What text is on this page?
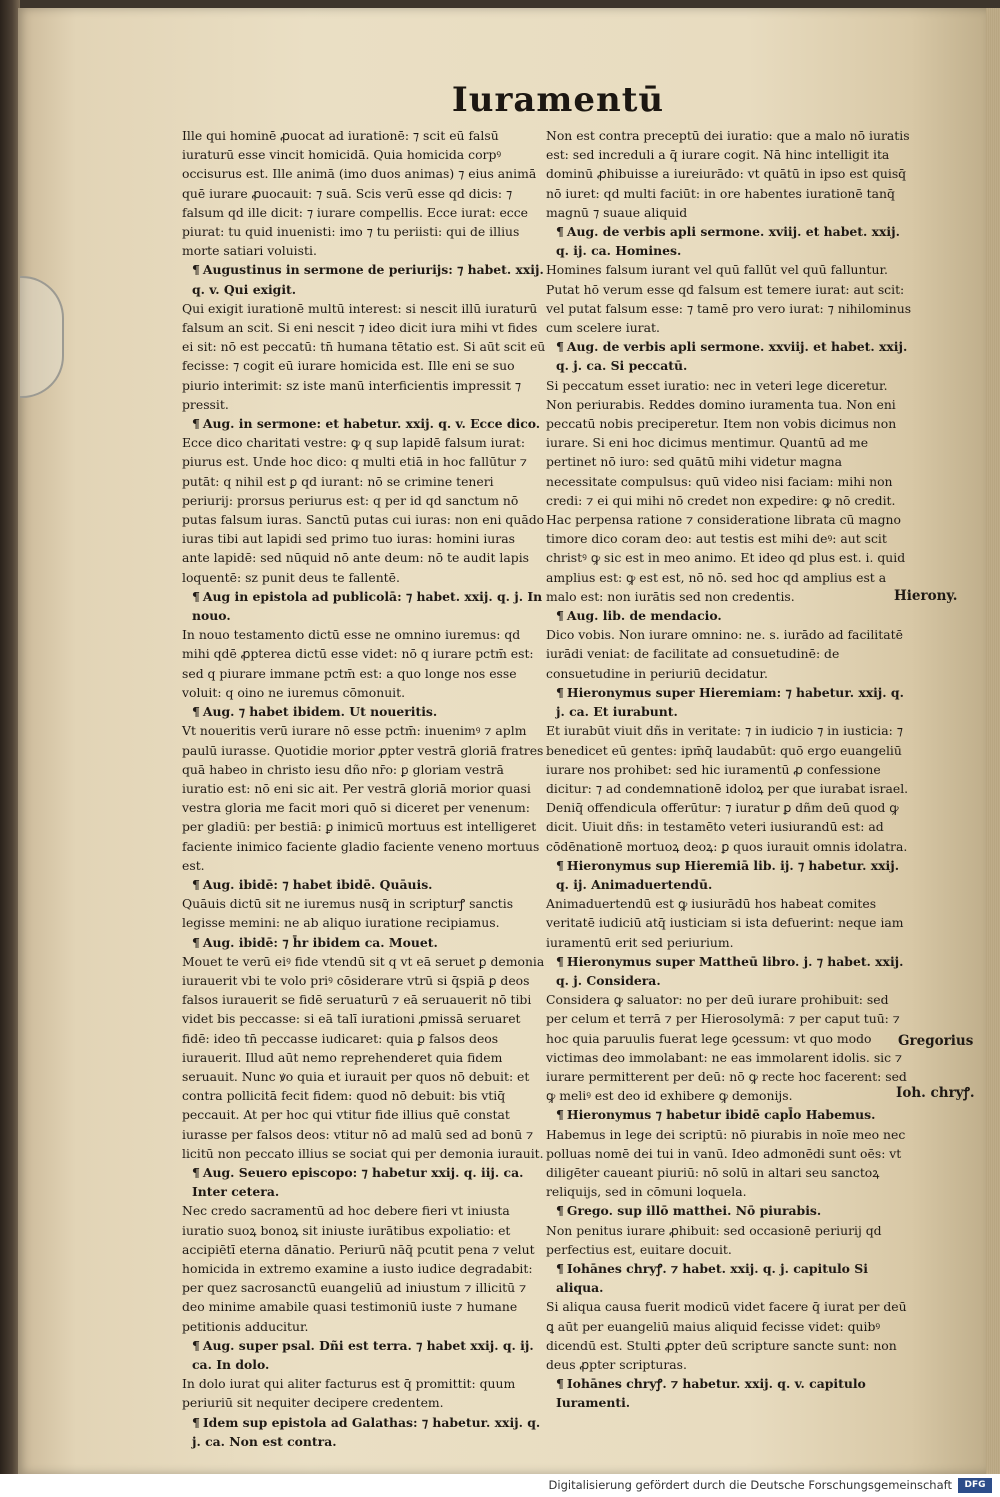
Iuramentū

Ille qui hominē ꝓuocat ad iurationē: ⁊ scit eū falsū iuraturū esse vincit homicidā. Quia homicida corpꝰ occisurus est. Ille animā (imo duos animas) ⁊ eius animā quē iurare ꝓuocauit: ⁊ suā. Scis verū esse qd dicis: ⁊ falsum qd ille dicit: ⁊ iurare compellis. Ecce iurat: ecce piurat: tu quid inuenisti: imo ⁊ tu periisti: qui de illius morte satiari voluisti.

¶ Augustinus in sermone de periurijs: ⁊ habet. xxij. q. v. Qui exigit.

Qui exigit iurationē multū interest: si nescit illū iuraturū falsum an scit. Si eni nescit ⁊ ideo dicit iura mihi vt fides ei sit: nō est peccatū: tn̄ humana tētatio est. Si aūt scit eū fecisse: ⁊ cogit eū iurare homicida est. Ille eni se suo piurio interimit: sz iste manū interficientis impressit ⁊ pressit.

¶ Aug. in sermone: et habetur. xxij. q. v. Ecce dico.

Ecce dico charitati vestre: ꝙ q sup lapidē falsum iurat: piurus est. Unde hoc dico: q multi etiā in hoc fallūtur ⁊ putāt: q nihil est ꝑ qd iurant: nō se crimine teneri periurij: prorsus periurus est: q per id qd sanctum nō putas falsum iuras. Sanctū putas cui iuras: non eni quādo iuras tibi aut lapidi sed primo tuo iuras: homini iuras ante lapidē: sed nūquid nō ante deum: nō te audit lapis loquentē: sz punit deus te fallentē.

¶ Aug in epistola ad publicolā: ⁊ habet. xxij. q. j. In nouo.

In nouo testamento dictū esse ne omnino iuremus: qd mihi qdē ꝓpterea dictū esse videt: nō q iurare pctm̄ est: sed q piurare immane pctm̄ est: a quo longe nos esse voluit: q oino ne iuremus cōmonuit.

¶ Aug. ⁊ habet ibidem. Ut noueritis.

Vt noueritis verū iurare nō esse pctm̄: inuenimꝰ ⁊ aplm paulū iurasse. Quotidie morior ꝓpter vestrā gloriā fratres quā habeo in christo iesu dño nr̄o: ꝑ gloriam vestrā iuratio est: nō eni sic ait. Per vestrā gloriā morior quasi vestra gloria me facit mori quō si diceret per venenum: per gladiū: per bestiā: ꝑ inimicū mortuus est intelligeret faciente inimico faciente gladio faciente veneno mortuus est.

¶ Aug. ibidē: ⁊ habet ibidē. Quāuis.

Quāuis dictū sit ne iuremus nusq̄ in scripturꝭ sanctis legisse memini: ne ab aliquo iuratione recipiamus.

¶ Aug. ibidē: ⁊ h̄r ibidem ca. Mouet.

Mouet te verū eiꝰ fide vtendū sit q vt eā seruet ꝑ demonia iurauerit vbi te volo priꝰ cōsiderare vtrū si q̄spiā ꝑ deos falsos iurauerit se fidē seruaturū ⁊ eā seruauerit nō tibi videt bis peccasse: si eā talī iurationi ꝓmissā seruaret fidē: ideo tn̄ peccasse iudicaret: quia ꝑ falsos deos iurauerit. Illud aūt nemo reprehenderet quia fidem seruauit. Nunc ꝟo quia et iurauit per quos nō debuit: et contra pollicitā fecit fidem: quod nō debuit: bis vtiq̄ peccauit. At per hoc qui vtitur fide illius quē constat iurasse per falsos deos: vtitur nō ad malū sed ad bonū ⁊ licitū non peccato illius se sociat qui per demonia iurauit.

¶ Aug. Seuero episcopo: ⁊ habetur xxij. q. iij. ca. Inter cetera.

Nec credo sacramentū ad hoc debere fieri vt iniusta iuratio suoꝝ bonoꝝ sit iniuste iurātibus expoliatio: et accipiētī eterna dānatio. Periurū nāq̄ pcutit pena ⁊ velut homicida in extremo examine a iusto iudice degradabit: per quez sacrosanctū euangeliū ad iniustum ⁊ illicitū ⁊ deo minime amabile quasi testimoniū iuste ⁊ humane petitionis adducitur.

¶ Aug. super psal. Dñi est terra. ⁊ habet xxij. q. ij. ca. In dolo.

In dolo iurat qui aliter facturus est q̄ promittit: quum periuriū sit nequiter decipere credentem.

¶ Idem sup epistola ad Galathas: ⁊ habetur. xxij. q. j. ca. Non est contra.

Non est contra preceptū dei iuratio: que a malo nō iuratis est: sed increduli a q̄ iurare cogit. Nā hinc intelligit ita dominū ꝓhibuisse a iureiurādo: vt quātū in ipso est quisq̄ nō iuret: qd multi faciūt: in ore habentes iurationē tanq̄ magnū ⁊ suaue aliquid

¶ Aug. de verbis apli sermone. xviij. et habet. xxij. q. ij. ca. Homines.

Homines falsum iurant vel quū fallūt vel quū falluntur. Putat hō verum esse qd falsum est temere iurat: aut scit: vel putat falsum esse: ⁊ tamē pro vero iurat: ⁊ nihilominus cum scelere iurat.

¶ Aug. de verbis apli sermone. xxviij. et habet. xxij. q. j. ca. Si peccatū.

Si peccatum esset iuratio: nec in veteri lege diceretur. Non periurabis. Reddes domino iuramenta tua. Non eni peccatū nobis preciperetur. Item non vobis dicimus non iurare. Si eni hoc dicimus mentimur. Quantū ad me pertinet nō iuro: sed quātū mihi videtur magna necessitate compulsus: quū video nisi faciam: mihi non credi: ⁊ ei qui mihi nō credet non expedire: ꝙ nō credit. Hac perpensa ratione ⁊ consideratione librata cū magno timore dico coram deo: aut testis est mihi deꝰ: aut scit christꝰ ꝙ sic est in meo animo. Et ideo qd plus est. i. quid amplius est: ꝙ est est, nō nō. sed hoc qd amplius est a malo est: non iurātis sed non credentis.

¶ Aug. lib. de mendacio.

Dico vobis. Non iurare omnino: ne. s. iurādo ad facilitatē iurādi veniat: de facilitate ad consuetudinē: de consuetudine in periuriū decidatur.

¶ Hieronymus super Hieremiam: ⁊ habetur. xxij. q. j. ca. Et iurabunt.

Et iurabūt viuit dñs in veritate: ⁊ in iudicio ⁊ in iusticia: ⁊ benedicet eū gentes: ipm̄q̄ laudabūt: quō ergo euangeliū iurare nos prohibet: sed hic iuramentū ꝓ confessione dicitur: ⁊ ad condemnationē idoloꝝ per que iurabat israel. Deniq̄ offendicula offerūtur: ⁊ iuratur ꝑ dñm deū quod ꝙ dicit. Uiuit dñs: in testamēto veteri iusiurandū est: ad cōdēnationē mortuoꝝ deoꝝ: ꝑ quos iurauit omnis idolatra.

¶ Hieronymus sup Hieremiā lib. ij. ⁊ habetur. xxij. q. ij. Animaduertendū.

Animaduertendū est ꝙ iusiurādū hos habeat comites veritatē iudiciū atq̄ iusticiam si ista defuerint: neque iam iuramentū erit sed periurium.

¶ Hieronymus super Mattheū libro. j. ⁊ habet. xxij. q. j. Considera.

Considera ꝙ saluator: no per deū iurare prohibuit: sed per celum et terrā ⁊ per Hierosolymā: ⁊ per caput tuū: ⁊ hoc quia paruulis fuerat lege ꝯcessum: vt quo modo victimas deo immolabant: ne eas immolarent idolis. sic ⁊ iurare permitterent per deū: nō ꝙ recte hoc facerent: sed ꝙ meliꝰ est deo id exhibere ꝙ demonijs.

¶ Hieronymus ⁊ habetur ibidē capl̄o Habemus.

Habemus in lege dei scriptū: nō piurabis in noīe meo nec polluas nomē dei tui in vanū. Ideo admonēdi sunt oēs: vt diligēter caueant piuriū: nō solū in altari seu sanctoꝝ reliquijs, sed in cōmuni loquela.

¶ Grego. sup illō matthei. Nō piurabis.

Non penitus iurare ꝓhibuit: sed occasionē periurij qd perfectius est, euitare docuit.

¶ Iohānes chryꝭ. ⁊ habet. xxij. q. j. capitulo Si aliqua.

Si aliqua causa fuerit modicū videt facere q̄ iurat per deū ꝗ aūt per euangeliū maius aliquid fecisse videt: quibꝰ dicendū est. Stulti ꝓpter deū scripture sancte sunt: non deus ꝓpter scripturas.

¶ Iohānes chryꝭ. ⁊ habetur. xxij. q. v. capitulo Iuramenti.

Hierony.
Gregorius
Ioh. chryꝭ.
Digitalisierung gefördert durch die Deutsche Forschungsgemeinschaft	DFG
